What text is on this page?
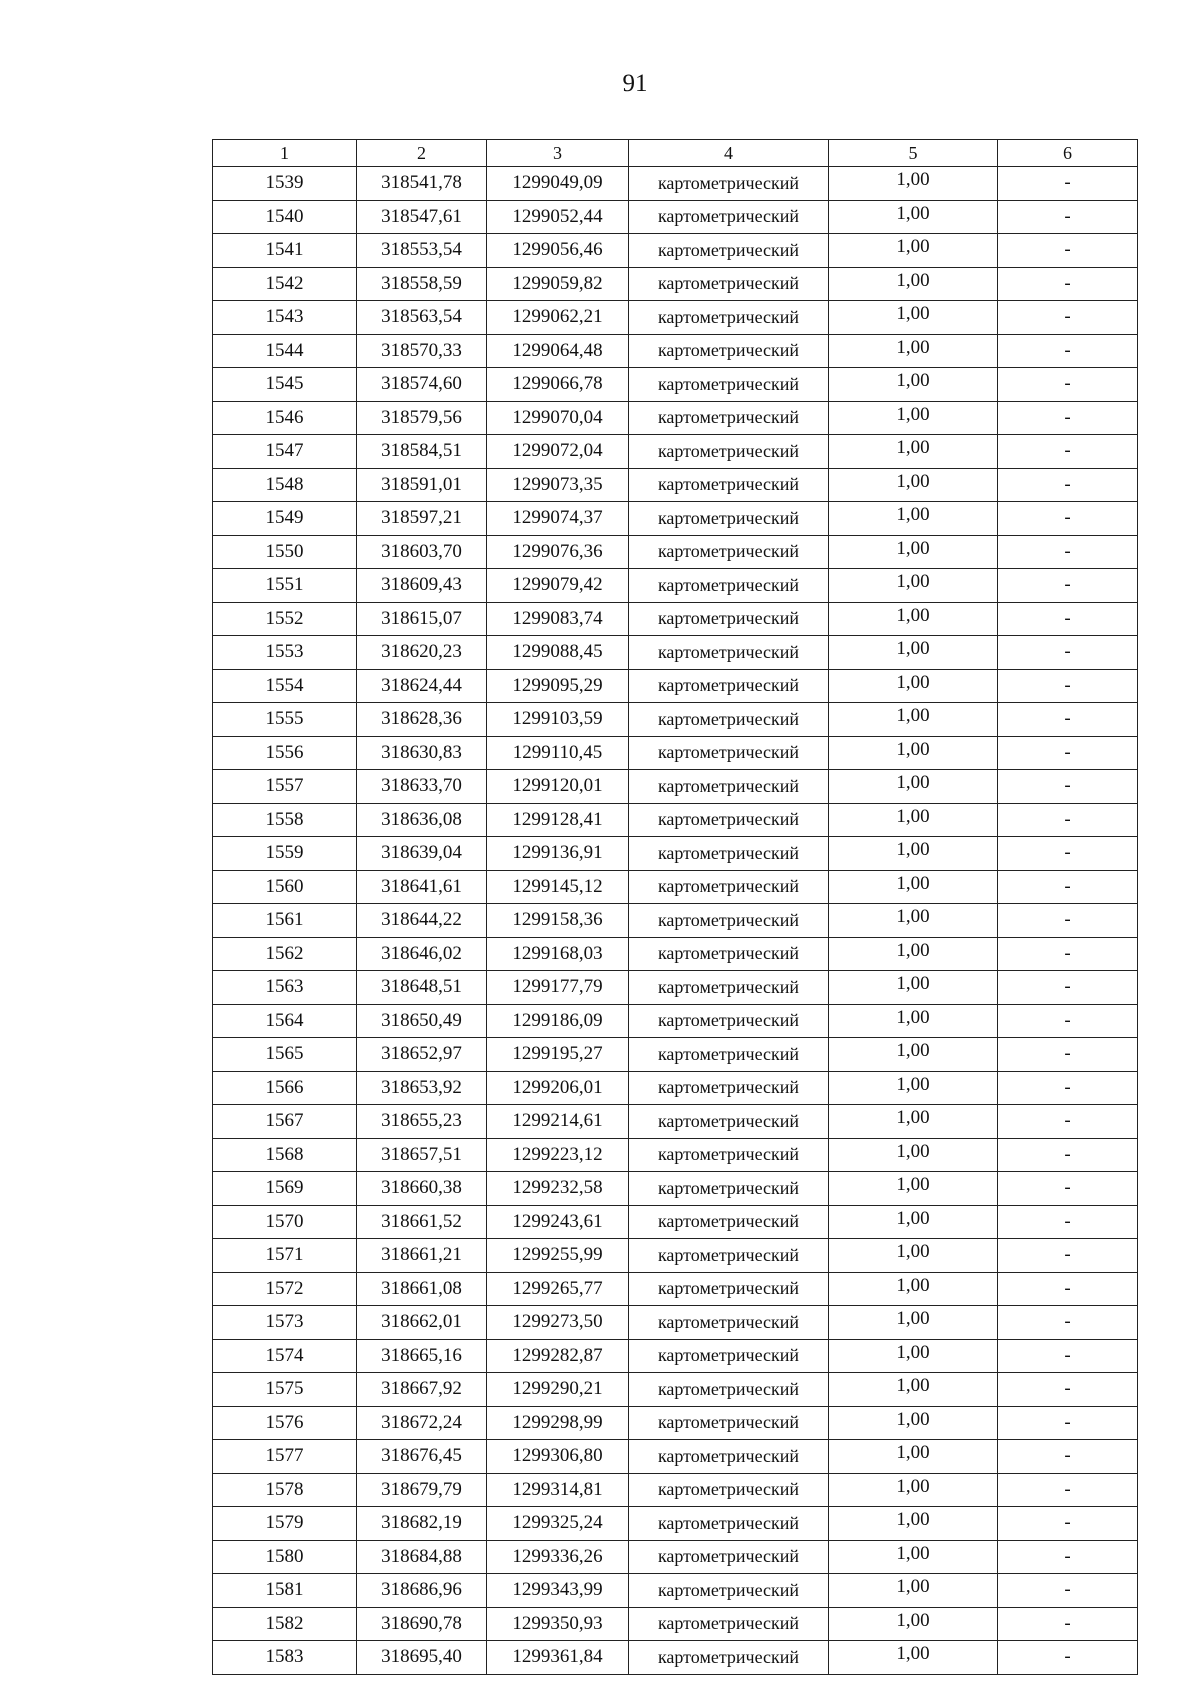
91
1	2	3	4	5	6
1539	318541,78	1299049,09	картометрический	1,00	-
1540	318547,61	1299052,44	картометрический	1,00	-
1541	318553,54	1299056,46	картометрический	1,00	-
1542	318558,59	1299059,82	картометрический	1,00	-
1543	318563,54	1299062,21	картометрический	1,00	-
1544	318570,33	1299064,48	картометрический	1,00	-
1545	318574,60	1299066,78	картометрический	1,00	-
1546	318579,56	1299070,04	картометрический	1,00	-
1547	318584,51	1299072,04	картометрический	1,00	-
1548	318591,01	1299073,35	картометрический	1,00	-
1549	318597,21	1299074,37	картометрический	1,00	-
1550	318603,70	1299076,36	картометрический	1,00	-
1551	318609,43	1299079,42	картометрический	1,00	-
1552	318615,07	1299083,74	картометрический	1,00	-
1553	318620,23	1299088,45	картометрический	1,00	-
1554	318624,44	1299095,29	картометрический	1,00	-
1555	318628,36	1299103,59	картометрический	1,00	-
1556	318630,83	1299110,45	картометрический	1,00	-
1557	318633,70	1299120,01	картометрический	1,00	-
1558	318636,08	1299128,41	картометрический	1,00	-
1559	318639,04	1299136,91	картометрический	1,00	-
1560	318641,61	1299145,12	картометрический	1,00	-
1561	318644,22	1299158,36	картометрический	1,00	-
1562	318646,02	1299168,03	картометрический	1,00	-
1563	318648,51	1299177,79	картометрический	1,00	-
1564	318650,49	1299186,09	картометрический	1,00	-
1565	318652,97	1299195,27	картометрический	1,00	-
1566	318653,92	1299206,01	картометрический	1,00	-
1567	318655,23	1299214,61	картометрический	1,00	-
1568	318657,51	1299223,12	картометрический	1,00	-
1569	318660,38	1299232,58	картометрический	1,00	-
1570	318661,52	1299243,61	картометрический	1,00	-
1571	318661,21	1299255,99	картометрический	1,00	-
1572	318661,08	1299265,77	картометрический	1,00	-
1573	318662,01	1299273,50	картометрический	1,00	-
1574	318665,16	1299282,87	картометрический	1,00	-
1575	318667,92	1299290,21	картометрический	1,00	-
1576	318672,24	1299298,99	картометрический	1,00	-
1577	318676,45	1299306,80	картометрический	1,00	-
1578	318679,79	1299314,81	картометрический	1,00	-
1579	318682,19	1299325,24	картометрический	1,00	-
1580	318684,88	1299336,26	картометрический	1,00	-
1581	318686,96	1299343,99	картометрический	1,00	-
1582	318690,78	1299350,93	картометрический	1,00	-
1583	318695,40	1299361,84	картометрический	1,00	-
